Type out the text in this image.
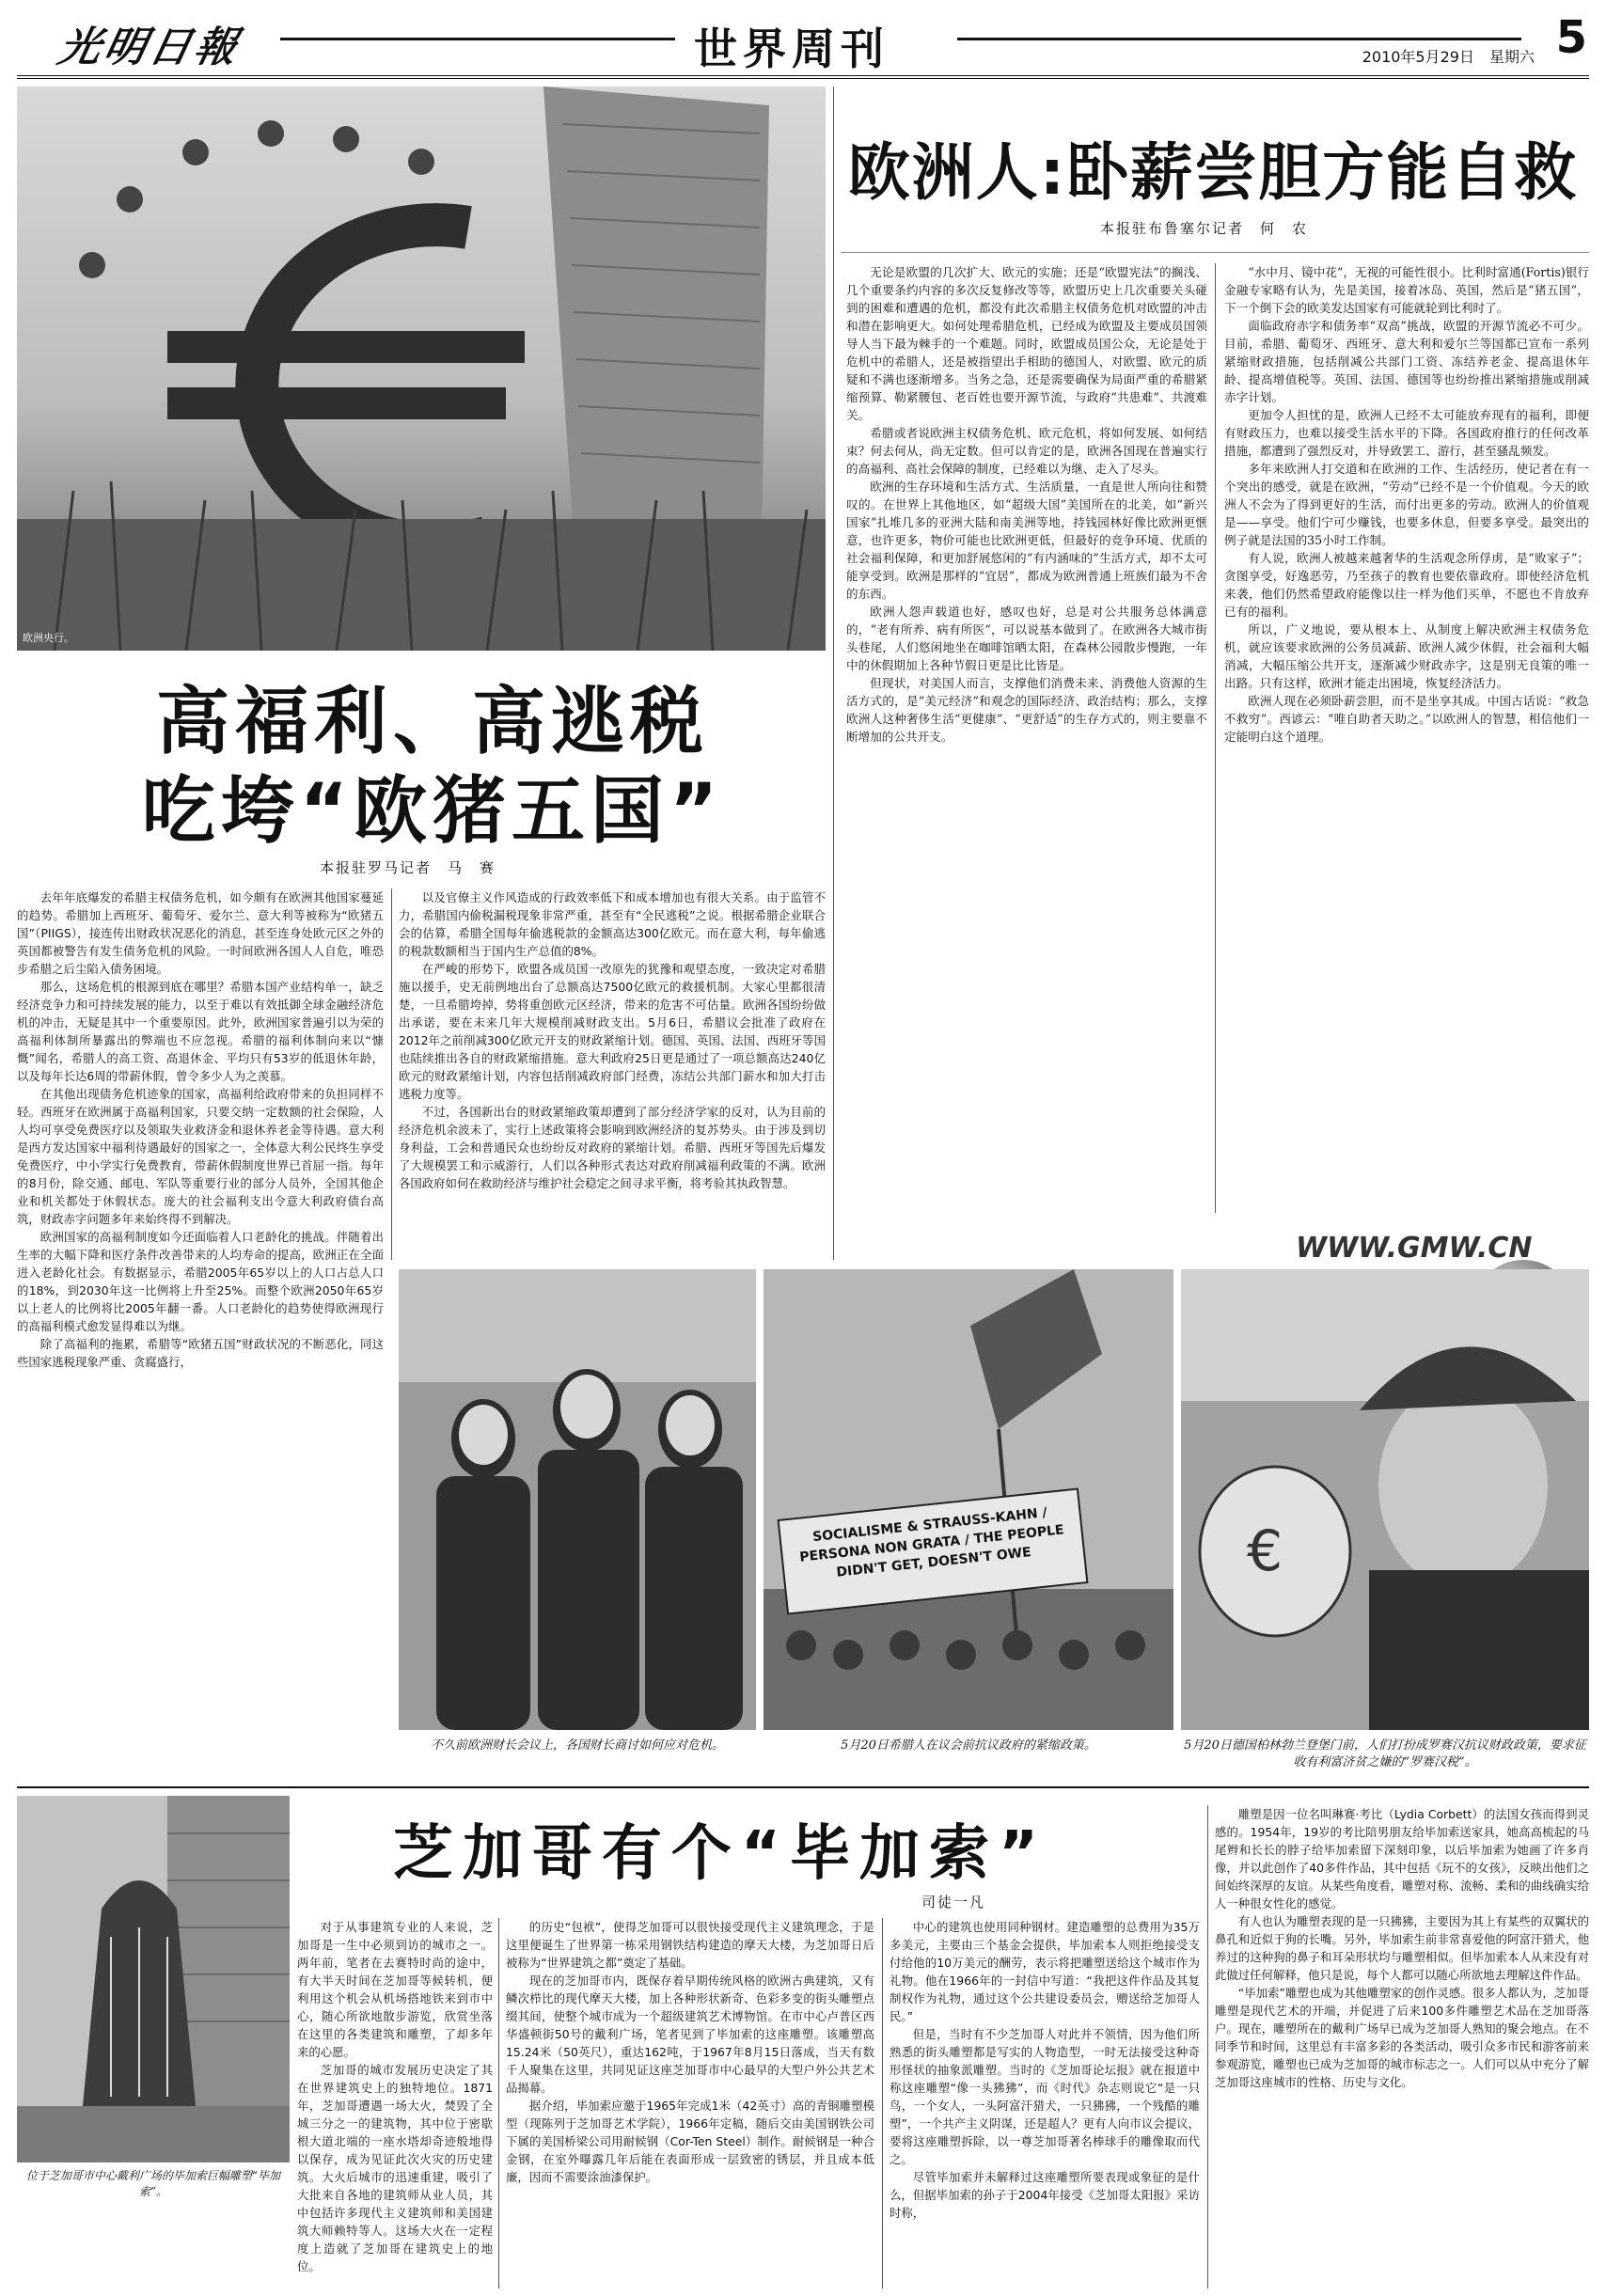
光明日報	世界周刊	2010年5月29日　 星期六 5
欧洲央行。
高福利、高逃税
吃垮“欧猪五国”
本报驻罗马记者　马　赛

去年年底爆发的希腊主权债务危机，如今颇有在欧洲其他国家蔓延的趋势。希腊加上西班牙、葡萄牙、爱尔兰、意大利等被称为“欧猪五国”（PIIGS），接连传出财政状况恶化的消息，甚至连身处欧元区之外的英国都被警告有发生债务危机的风险。一时间欧洲各国人人自危，唯恐步希腊之后尘陷入债务困境。

那么，这场危机的根源到底在哪里？希腊本国产业结构单一，缺乏经济竞争力和可持续发展的能力，以至于难以有效抵御全球金融经济危机的冲击，无疑是其中一个重要原因。此外，欧洲国家普遍引以为荣的高福利体制所暴露出的弊端也不应忽视。希腊的福利体制向来以“慷慨”闻名，希腊人的高工资、高退休金、平均只有53岁的低退休年龄，以及每年长达6周的带薪休假，曾令多少人为之羡慕。

在其他出现债务危机迹象的国家，高福利给政府带来的负担同样不轻。西班牙在欧洲属于高福利国家，只要交纳一定数额的社会保险，人人均可享受免费医疗以及领取失业救济金和退休养老金等待遇。意大利是西方发达国家中福利待遇最好的国家之一，全体意大利公民终生享受免费医疗，中小学实行免费教育，带薪休假制度世界已首屈一指。每年的8月份，除交通、邮电、军队等重要行业的部分人员外，全国其他企业和机关都处于休假状态。庞大的社会福利支出令意大利政府债台高筑，财政赤字问题多年来始终得不到解决。

欧洲国家的高福利制度如今还面临着人口老龄化的挑战。伴随着出生率的大幅下降和医疗条件改善带来的人均寿命的提高，欧洲正在全面进入老龄化社会。有数据显示，希腊2005年65岁以上的人口占总人口的18%，到2030年这一比例将上升至25%。而整个欧洲2050年65岁以上老人的比例将比2005年翻一番。人口老龄化的趋势使得欧洲现行的高福利模式愈发显得难以为继。

除了高福利的拖累，希腊等“欧猪五国”财政状况的不断恶化，同这些国家逃税现象严重、贪腐盛行，

以及官僚主义作风造成的行政效率低下和成本增加也有很大关系。由于监管不力，希腊国内偷税漏税现象非常严重，甚至有“全民逃税”之说。根据希腊企业联合会的估算，希腊全国每年偷逃税款的金额高达300亿欧元。而在意大利，每年偷逃的税款数额相当于国内生产总值的8%。

在严峻的形势下，欧盟各成员国一改原先的犹豫和观望态度，一致决定对希腊施以援手，史无前例地出台了总额高达7500亿欧元的救援机制。大家心里都很清楚，一旦希腊垮掉，势将重创欧元区经济，带来的危害不可估量。欧洲各国纷纷做出承诺，要在未来几年大规模削减财政支出。5月6日，希腊议会批准了政府在2012年之前削减300亿欧元开支的财政紧缩计划。德国、英国、法国、西班牙等国也陆续推出各自的财政紧缩措施。意大利政府25日更是通过了一项总额高达240亿欧元的财政紧缩计划，内容包括削减政府部门经费，冻结公共部门薪水和加大打击逃税力度等。

不过，各国新出台的财政紧缩政策却遭到了部分经济学家的反对，认为目前的经济危机余波未了，实行上述政策将会影响到欧洲经济的复苏势头。由于涉及到切身利益，工会和普通民众也纷纷反对政府的紧缩计划。希腊、西班牙等国先后爆发了大规模罢工和示威游行，人们以各种形式表达对政府削减福利政策的不满。欧洲各国政府如何在救助经济与维护社会稳定之间寻求平衡，将考验其执政智慧。

欧洲人:卧薪尝胆方能自救
本报驻布鲁塞尔记者　何　农

无论是欧盟的几次扩大、欧元的实施；还是“欧盟宪法”的搁浅、几个重要条约内容的多次反复修改等等，欧盟历史上几次重要关头碰到的困难和遭遇的危机，都没有此次希腊主权债务危机对欧盟的冲击和潜在影响更大。如何处理希腊危机，已经成为欧盟及主要成员国领导人当下最为棘手的一个难题。同时，欧盟成员国公众，无论是处于危机中的希腊人，还是被指望出手相助的德国人，对欧盟、欧元的质疑和不满也逐渐增多。当务之急，还是需要确保为局面严重的希腊紧缩预算、勒紧腰包、老百姓也要开源节流，与政府“共患难”、共渡难关。

希腊或者说欧洲主权债务危机、欧元危机，将如何发展、如何结束？何去何从，尚无定数。但可以肯定的是，欧洲各国现在普遍实行的高福利、高社会保障的制度，已经难以为继、走入了尽头。

欧洲的生存环境和生活方式、生活质量，一直是世人所向往和赞叹的。在世界上其他地区，如“超级大国”美国所在的北美，如“新兴国家”扎堆几多的亚洲大陆和南美洲等地，持钱园林好像比欧洲更惬意，也许更多，物价可能也比欧洲更低，但最好的竞争环境、优质的社会福利保障，和更加舒展悠闲的“有内涵味的”生活方式，却不太可能享受到。欧洲是那样的“宜居”，都成为欧洲普通上班族们最为不舍的东西。

欧洲人怨声载道也好，感叹也好，总是对公共服务总体满意的，“老有所养、病有所医”，可以说基本做到了。在欧洲各大城市街头巷尾，人们悠闲地坐在咖啡馆晒太阳，在森林公园散步慢跑，一年中的休假期加上各种节假日更是比比皆是。

但现状，对美国人而言，支撑他们消费未来、消费他人资源的生活方式的，是“美元经济”和观念的国际经济、政治结构；那么，支撑欧洲人这种奢侈生活“更健康”、“更舒适”的生存方式的，则主要靠不断增加的公共开支。

“水中月、镜中花”，无视的可能性很小。比利时富通(Fortis)银行金融专家略有认为，先是美国，接着冰岛、英国，然后是“猪五国”，下一个倒下会的欧美发达国家有可能就轮到比利时了。

面临政府赤字和债务率“双高”挑战，欧盟的开源节流必不可少。目前，希腊、葡萄牙、西班牙、意大利和爱尔兰等国都已宣布一系列紧缩财政措施，包括削减公共部门工资、冻结养老金、提高退休年龄、提高增值税等。英国、法国、德国等也纷纷推出紧缩措施或削减赤字计划。

更加令人担忧的是，欧洲人已经不太可能放弃现有的福利，即便有财政压力，也难以接受生活水平的下降。各国政府推行的任何改革措施，都遭到了强烈反对，并导致罢工、游行，甚至骚乱频发。

多年来欧洲人打交道和在欧洲的工作、生活经历，使记者在有一个突出的感受，就是在欧洲，“劳动”已经不是一个价值观。今天的欧洲人不会为了得到更好的生活，而付出更多的劳动。欧洲人的价值观是——享受。他们宁可少赚钱，也要多休息，但要多享受。最突出的例子就是法国的35小时工作制。

有人说，欧洲人被越来越奢华的生活观念所俘虏，是“败家子”；贪图享受，好逸恶劳，乃至孩子的教育也要依靠政府。即使经济危机来袭，他们仍然希望政府能像以往一样为他们买单，不愿也不肯放弃已有的福利。

所以，广义地说，要从根本上、从制度上解决欧洲主权债务危机，就应该要求欧洲的公务员减薪、欧洲人减少休假，社会福利大幅消减，大幅压缩公共开支，逐渐减少财政赤字，这是别无良策的唯一出路。只有这样，欧洲才能走出困境，恢复经济活力。

欧洲人现在必须卧薪尝胆，而不是坐享其成。中国古话说：“救急不救穷”。西谚云：“唯自助者天助之。”以欧洲人的智慧，相信他们一定能明白这个道理。

WWW.GMW.CN
不久前欧洲财长会议上，各国财长商讨如何应对危机。
SOCIALISME & STRAUSS-KAHN / PERSONA NON GRATA / THE PEOPLE DIDN'T GET, DOESN'T OWE
5月20日希腊人在议会前抗议政府的紧缩政策。
€
5月20日德国柏林勃兰登堡门前，人们打扮成罗赛汉抗议财政政策，要求征收有利富济贫之嫌的“罗赛汉税”。
位于芝加哥市中心戴利广场的毕加索巨幅雕塑“毕加索”。
芝加哥有个“毕加索”
司徒一凡

对于从事建筑专业的人来说，芝加哥是一生中必须到访的城市之一。两年前，笔者在去赛特时尚的途中，有大半天时间在芝加哥等候转机，便利用这个机会从机场搭地铁来到市中心，随心所欲地散步游览，欣赏坐落在这里的各类建筑和雕塑，了却多年来的心愿。

芝加哥的城市发展历史决定了其在世界建筑史上的独特地位。1871年，芝加哥遭遇一场大火，焚毁了全城三分之一的建筑物，其中位于密歇根大道北端的一座水塔却奇迹般地得以保存，成为见证此次火灾的历史建筑。大火后城市的迅速重建，吸引了大批来自各地的建筑师从业人员，其中包括许多现代主义建筑师和美国建筑大师赖特等人。这场大火在一定程度上造就了芝加哥在建筑史上的地位。

的历史“包袱”，使得芝加哥可以很快接受现代主义建筑理念，于是这里便诞生了世界第一栋采用钢铁结构建造的摩天大楼，为芝加哥日后被称为“世界建筑之都”奠定了基础。

现在的芝加哥市内，既保存着早期传统风格的欧洲古典建筑，又有鳞次栉比的现代摩天大楼，加上各种形状新奇、色彩多变的街头雕塑点缀其间，使整个城市成为一个超级建筑艺术博物馆。在市中心卢普区西华盛顿街50号的戴利广场，笔者见到了毕加索的这座雕塑。该雕塑高15.24米（50英尺），重达162吨，于1967年8月15日落成，当天有数千人聚集在这里，共同见证这座芝加哥市中心最早的大型户外公共艺术品揭幕。

据介绍，毕加索应邀于1965年完成1米（42英寸）高的青铜雕塑模型（现陈列于芝加哥艺术学院），1966年定稿，随后交由美国钢铁公司下属的美国桥梁公司用耐候钢（Cor-Ten Steel）制作。耐候钢是一种合金钢，在室外曝露几年后能在表面形成一层致密的锈层，并且成本低廉，因而不需要涂油漆保护。

中心的建筑也使用同种钢材。建造雕塑的总费用为35万多美元，主要由三个基金会提供，毕加索本人则拒绝接受支付给他的10万美元的酬劳，表示将把雕塑送给这个城市作为礼物。他在1966年的一封信中写道：“我把这件作品及其复制权作为礼物，通过这个公共建设委员会，赠送给芝加哥人民。”

但是，当时有不少芝加哥人对此并不领情，因为他们所熟悉的街头雕塑都是写实的人物造型，一时无法接受这种奇形怪状的抽象派雕塑。当时的《芝加哥论坛报》就在报道中称这座雕塑“像一头狒狒”，而《时代》杂志则说它“是一只鸟，一个女人，一头阿富汗猎犬，一只狒狒，一个残酷的雕塑”，一个共产主义阴谋，还是超人？更有人向市议会提议，要将这座雕塑拆除，以一尊芝加哥著名棒球手的雕像取而代之。

尽管毕加索并未解释过这座雕塑所要表现或象征的是什么，但据毕加索的孙子于2004年接受《芝加哥太阳报》采访时称，

雕塑是因一位名叫琳赛·考比（Lydia Corbett）的法国女孩而得到灵感的。1954年，19岁的考比陪男朋友给毕加索送家具，她高高梳起的马尾辫和长长的脖子给毕加索留下深刻印象，以后毕加索为她画了许多肖像，并以此创作了40多件作品，其中包括《玩不的女孩》，反映出他们之间始终深厚的友谊。从某些角度看，雕塑对称、流畅、柔和的曲线确实给人一种很女性化的感觉。

有人也认为雕塑表现的是一只狒狒，主要因为其上有某些的双翼状的鼻孔和近似于狗的长嘴。另外，毕加索生前非常喜爱他的阿富汗猎犬，他养过的这种狗的鼻子和耳朵形状均与雕塑相似。但毕加索本人从来没有对此做过任何解释，他只是说，每个人都可以随心所欲地去理解这件作品。

“毕加索”雕塑也成为其他雕塑家的创作灵感。很多人都认为，芝加哥雕塑是现代艺术的开端，并促进了后来100多件雕塑艺术品在芝加哥落户。现在，雕塑所在的戴利广场早已成为芝加哥人熟知的聚会地点。在不同季节和时间，这里总有丰富多彩的各类活动，吸引众多市民和游客前来参观游览，雕塑也已成为芝加哥的城市标志之一。人们可以从中充分了解芝加哥这座城市的性格、历史与文化。
